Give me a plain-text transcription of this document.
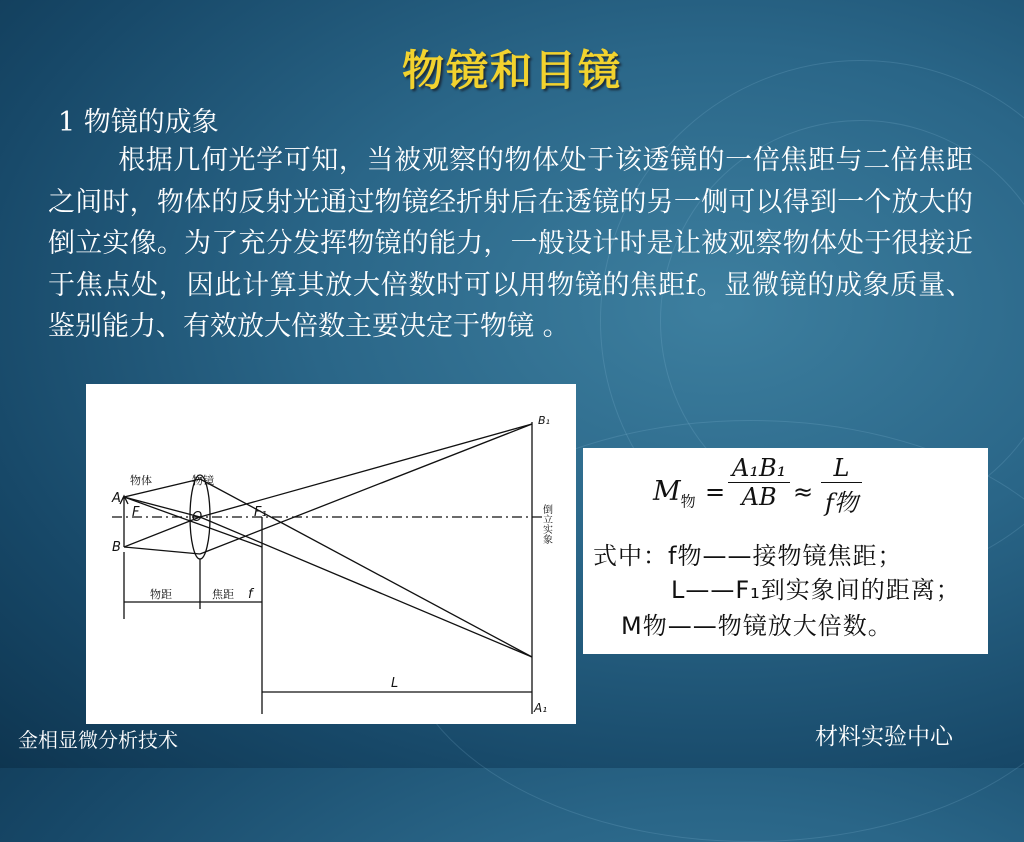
物镜和目镜
1 物镜的成象
根据几何光学可知，当被观察的物体处于该透镜的一倍焦距与二倍焦距之间时，物体的反射光通过物镜经折射后在透镜的另一侧可以得到一个放大的倒立实像。为了充分发挥物镜的能力，一般设计时是让被观察物体处于很接近于焦点处，因此计算其放大倍数时可以用物镜的焦距f。显微镜的成象质量、鉴别能力、有效放大倍数主要决定于物镜 。
物体	物镜
A
F	O	F₁
B
B₁
A₁
倒立实象
物距	焦距 f
L
$M_物 = \frac{\text{A₁B₁}}{AB}$ ≈
L
f物
式中：f物——接物镜焦距；
L——F₁到实象间的距离；
M物——物镜放大倍数。
金相显微分析技术	材料实验中心
